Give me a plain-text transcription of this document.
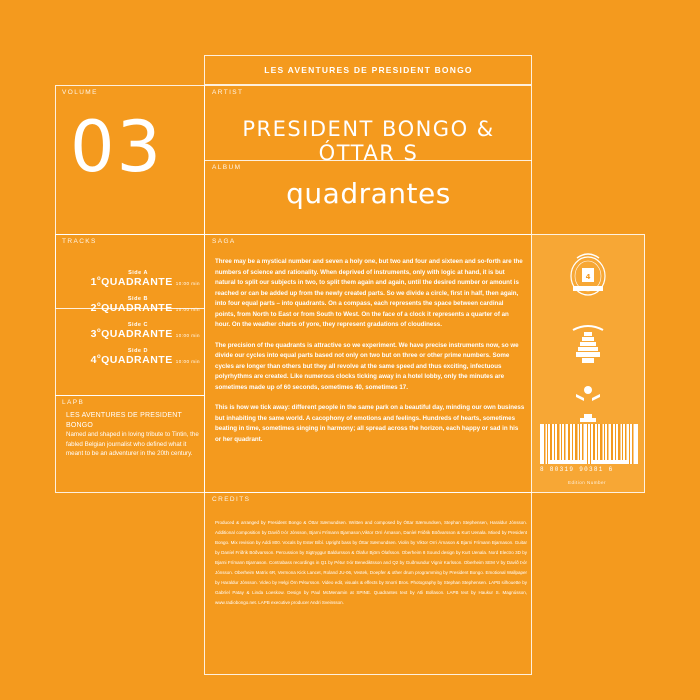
VOLUME	ARTIST
ALBUM
TRACKS	SAGA
LAPB
CREDITS
LES AVENTURES DE PRESIDENT BONGO
03	PRESIDENT BONGO & ÓTTAR S
quadrantes
Side A
1$^o$QUADRANTE 10:00 min
Side B
2$^o$QUADRANTE 10:00 min
Side C
3$^o$QUADRANTE 10:00 min
Side D
4$^o$QUADRANTE 10:00 min
LES AVENTURES DE PRESIDENT BONGO
Named and shaped in loving tribute to Tintin, the fabled Belgian journalist who defined what it meant to be an adventurer in the 20th century.

Three may be a mystical number and seven a holy one, but two and four and sixteen and so-forth are the numbers of science and rationality. When deprived of instruments, only with logic at hand, it is but natural to split our subjects in two, to split them again and again, until the desired number or amount is reached or can be added up from the newly created parts. So we divide a circle, first in half, then again, into four equal parts – into quadrants. On a compass, each represents the space between cardinal points, from North to East or from South to West. On the face of a clock it represents a quarter of an hour. On the weather charts of yore, they represent gradations of cloudiness.

The precision of the quadrants is attractive so we experiment. We have precise instruments now, so we divide our cycles into equal parts based not only on two but on three or other prime numbers. Some cycles are longer than others but they all revolve at the same speed and thus exciting, infectuous polyrhythms are created. Like numerous clocks ticking away in a hotel lobby, only the minutes are sometimes made up of 60 seconds, sometimes 40, sometimes 17.

This is how we tick away: different people in the same park on a beautiful day, minding our own business but inhabiting the same world. A cacophony of emotions and feelings. Hundreds of hearts, sometimes beating in time, sometimes singing in harmony; all spread across the horizon, each happy or sad in his or her quadrant.

Produced & arranged by President Bongo & Óttar Sæmundsen. Written and composed by Óttar Sæmundsen, Stephan Stephensen, Haraldur Jónsson. Additional composition by Davíð Þór Jónsson, Bjarni Frímann Bjarnason,Viktor Orri Árnason, Daníel Friðrik Böðvarsson & Kurt Uenala. Mixed by President Bongo. Mix revision by Addi 800. Vocals by Ester Bíbí. Upright bass by Óttar Sæmundsen. Violin by Viktor Orri Árnason & Bjarni Frímann Bjarnason. Guitar by Daníel Friðrik Böðvarsson. Percussion by Sigtryggur Baldursson & Ólafur Björn Ólafsson. Oberheim 8 Sound design by Kurt Uenala. Nord Electro 3D by Bjarni Frímann Bjarnason. Contrabass recordings in Q1 by Pétur Þór Benediktsson and Q2 by Guðmundur Vignir Karlsson. Oberheim SEM V by Davíð Þór Jónsson. Oberheim Matrix 6R, Vermona Kick Lancet, Roland JU-06, Vestek, Doepfer & other drum programming by President Bongo. Emotional Wallpaper by Haraldur Jónsson. Video by Helgi Örn Pétursson. Video edit, visuals & effects by Snorri Bros. Photography by Stephan Stephensen. LAPB silhouette by Gabríel Patay & Linda Loeskow. Design by Paul McMenamin at SPINE. Quadrantes text by Atli Bollason. LAPB text by Haukur S. Magnússon, www.radiobongo.net. LAPB executive producer Andri Sveinsson.
4
8 80319 90381 6
Edition Number
